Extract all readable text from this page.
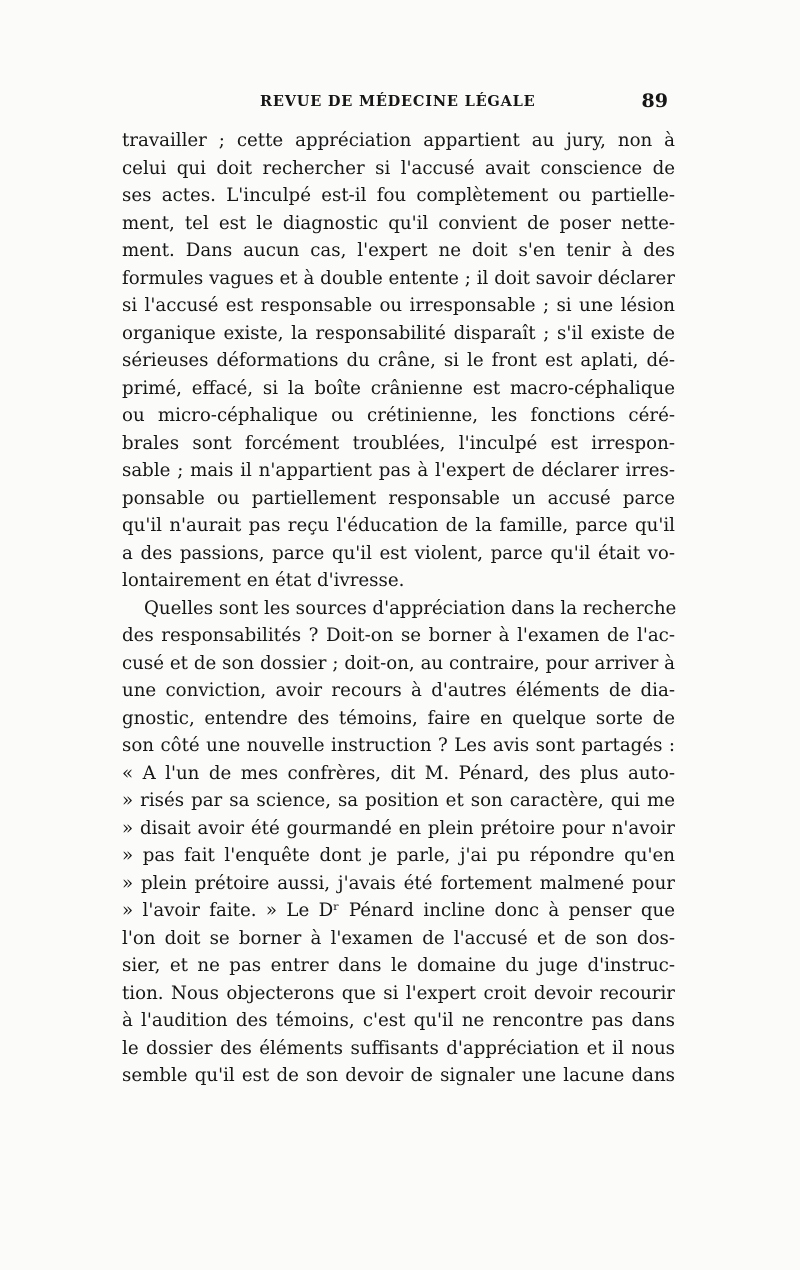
REVUE DE MÉDECINE LÉGALE	89
travailler ; cette appréciation appartient au jury, non à
celui qui doit rechercher si l'accusé avait conscience de
ses actes. L'inculpé est-il fou complètement ou partielle-
ment, tel est le diagnostic qu'il convient de poser nette-
ment. Dans aucun cas, l'expert ne doit s'en tenir à des
formules vagues et à double entente ; il doit savoir déclarer
si l'accusé est responsable ou irresponsable ; si une lésion
organique existe, la responsabilité disparaît ; s'il existe de
sérieuses déformations du crâne, si le front est aplati, dé-
primé, effacé, si la boîte crânienne est macro-céphalique
ou micro-céphalique ou crétinienne, les fonctions céré-
brales sont forcément troublées, l'inculpé est irrespon-
sable ; mais il n'appartient pas à l'expert de déclarer irres-
ponsable ou partiellement responsable un accusé parce
qu'il n'aurait pas reçu l'éducation de la famille, parce qu'il
a des passions, parce qu'il est violent, parce qu'il était vo-
lontairement en état d'ivresse.
Quelles sont les sources d'appréciation dans la recherche
des responsabilités ? Doit-on se borner à l'examen de l'ac-
cusé et de son dossier ; doit-on, au contraire, pour arriver à
une conviction, avoir recours à d'autres éléments de dia-
gnostic, entendre des témoins, faire en quelque sorte de
son côté une nouvelle instruction ? Les avis sont partagés :
« A l'un de mes confrères, dit M. Pénard, des plus auto-
» risés par sa science, sa position et son caractère, qui me
» disait avoir été gourmandé en plein prétoire pour n'avoir
» pas fait l'enquête dont je parle, j'ai pu répondre qu'en
» plein prétoire aussi, j'avais été fortement malmené pour
» l'avoir faite. » Le Dʳ Pénard incline donc à penser que
l'on doit se borner à l'examen de l'accusé et de son dos-
sier, et ne pas entrer dans le domaine du juge d'instruc-
tion. Nous objecterons que si l'expert croit devoir recourir
à l'audition des témoins, c'est qu'il ne rencontre pas dans
le dossier des éléments suffisants d'appréciation et il nous
semble qu'il est de son devoir de signaler une lacune dans
